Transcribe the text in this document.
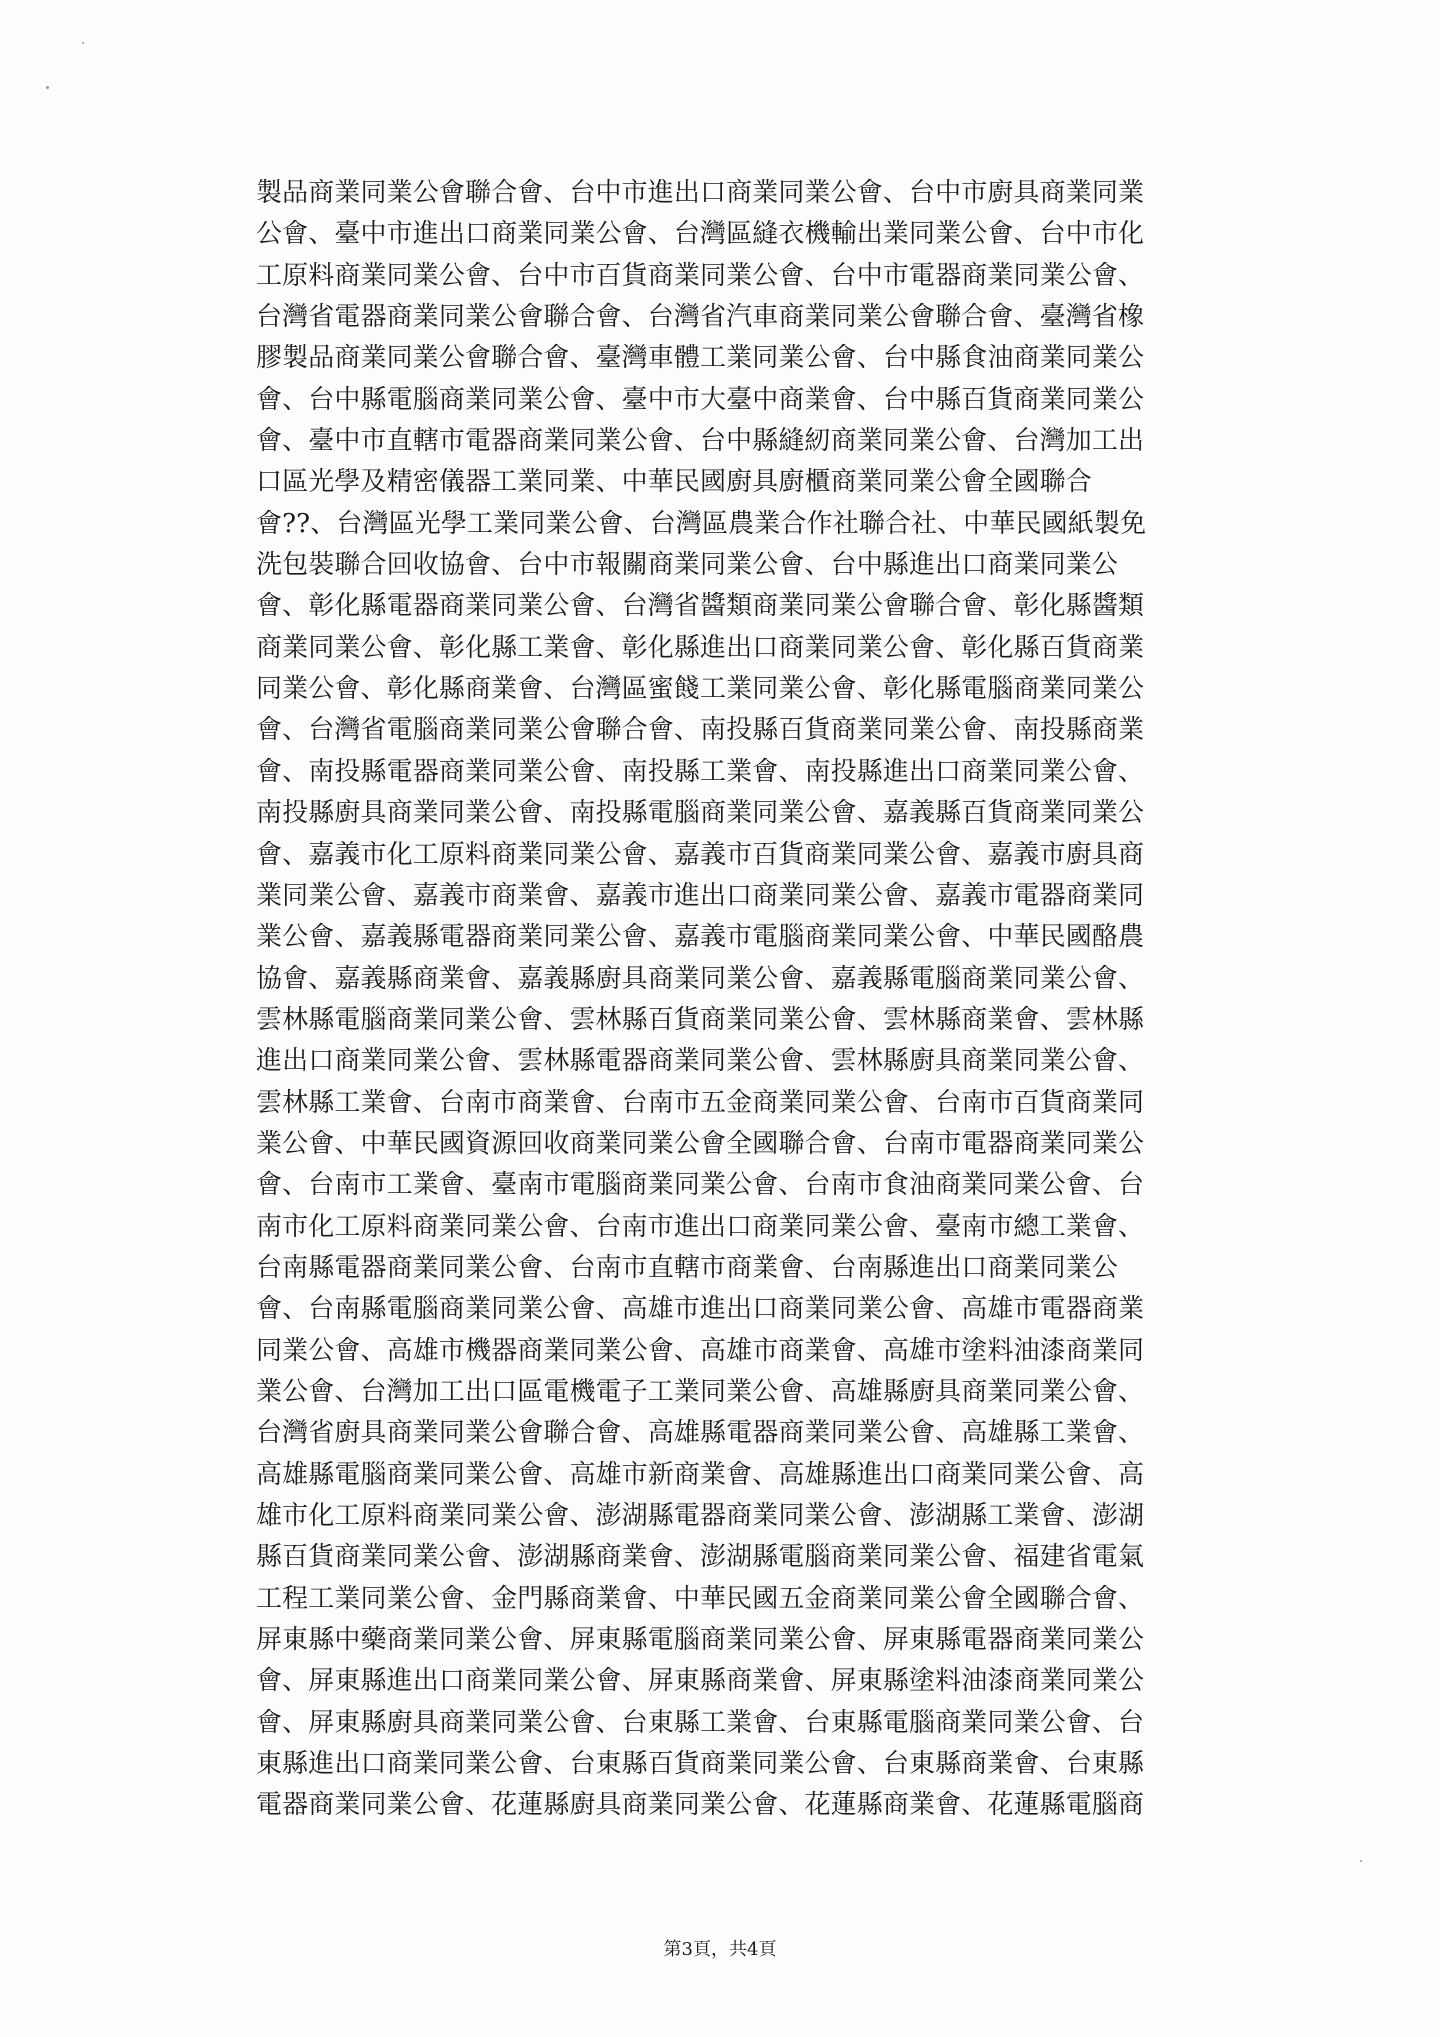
製品商業同業公會聯合會、台中市進出口商業同業公會、台中市廚具商業同業
公會、臺中市進出口商業同業公會、台灣區縫衣機輸出業同業公會、台中市化
工原料商業同業公會、台中市百貨商業同業公會、台中市電器商業同業公會、
台灣省電器商業同業公會聯合會、台灣省汽車商業同業公會聯合會、臺灣省橡
膠製品商業同業公會聯合會、臺灣車體工業同業公會、台中縣食油商業同業公
會、台中縣電腦商業同業公會、臺中市大臺中商業會、台中縣百貨商業同業公
會、臺中市直轄市電器商業同業公會、台中縣縫紉商業同業公會、台灣加工出
口區光學及精密儀器工業同業、中華民國廚具廚櫃商業同業公會全國聯合
會??、台灣區光學工業同業公會、台灣區農業合作社聯合社、中華民國紙製免
洗包裝聯合回收協會、台中市報關商業同業公會、台中縣進出口商業同業公
會、彰化縣電器商業同業公會、台灣省醬類商業同業公會聯合會、彰化縣醬類
商業同業公會、彰化縣工業會、彰化縣進出口商業同業公會、彰化縣百貨商業
同業公會、彰化縣商業會、台灣區蜜餞工業同業公會、彰化縣電腦商業同業公
會、台灣省電腦商業同業公會聯合會、南投縣百貨商業同業公會、南投縣商業
會、南投縣電器商業同業公會、南投縣工業會、南投縣進出口商業同業公會、
南投縣廚具商業同業公會、南投縣電腦商業同業公會、嘉義縣百貨商業同業公
會、嘉義市化工原料商業同業公會、嘉義市百貨商業同業公會、嘉義市廚具商
業同業公會、嘉義市商業會、嘉義市進出口商業同業公會、嘉義市電器商業同
業公會、嘉義縣電器商業同業公會、嘉義市電腦商業同業公會、中華民國酪農
協會、嘉義縣商業會、嘉義縣廚具商業同業公會、嘉義縣電腦商業同業公會、
雲林縣電腦商業同業公會、雲林縣百貨商業同業公會、雲林縣商業會、雲林縣
進出口商業同業公會、雲林縣電器商業同業公會、雲林縣廚具商業同業公會、
雲林縣工業會、台南市商業會、台南市五金商業同業公會、台南市百貨商業同
業公會、中華民國資源回收商業同業公會全國聯合會、台南市電器商業同業公
會、台南市工業會、臺南市電腦商業同業公會、台南市食油商業同業公會、台
南市化工原料商業同業公會、台南市進出口商業同業公會、臺南市總工業會、
台南縣電器商業同業公會、台南市直轄市商業會、台南縣進出口商業同業公
會、台南縣電腦商業同業公會、高雄市進出口商業同業公會、高雄市電器商業
同業公會、高雄市機器商業同業公會、高雄市商業會、高雄市塗料油漆商業同
業公會、台灣加工出口區電機電子工業同業公會、高雄縣廚具商業同業公會、
台灣省廚具商業同業公會聯合會、高雄縣電器商業同業公會、高雄縣工業會、
高雄縣電腦商業同業公會、高雄市新商業會、高雄縣進出口商業同業公會、高
雄市化工原料商業同業公會、澎湖縣電器商業同業公會、澎湖縣工業會、澎湖
縣百貨商業同業公會、澎湖縣商業會、澎湖縣電腦商業同業公會、福建省電氣
工程工業同業公會、金門縣商業會、中華民國五金商業同業公會全國聯合會、
屏東縣中藥商業同業公會、屏東縣電腦商業同業公會、屏東縣電器商業同業公
會、屏東縣進出口商業同業公會、屏東縣商業會、屏東縣塗料油漆商業同業公
會、屏東縣廚具商業同業公會、台東縣工業會、台東縣電腦商業同業公會、台
東縣進出口商業同業公會、台東縣百貨商業同業公會、台東縣商業會、台東縣
電器商業同業公會、花蓮縣廚具商業同業公會、花蓮縣商業會、花蓮縣電腦商
第3頁，共4頁
